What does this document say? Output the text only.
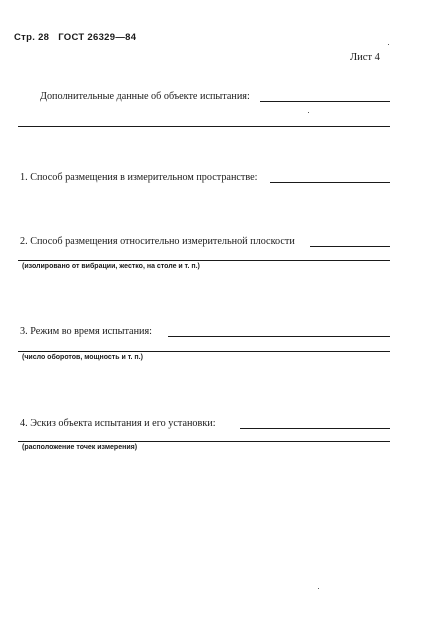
Стр. 28 ГОСТ 26329—84
Лист 4
Дополнительные данные об объекте испытания:
1. Способ размещения в измерительном пространстве:
2. Способ размещения относительно измерительной плоскости
(изолировано от вибрации, жестко, на столе и т. п.)
3. Режим во время испытания:
(число оборотов, мощность и т. п.)
4. Эскиз объекта испытания и его установки:
(расположение точек измерения)
